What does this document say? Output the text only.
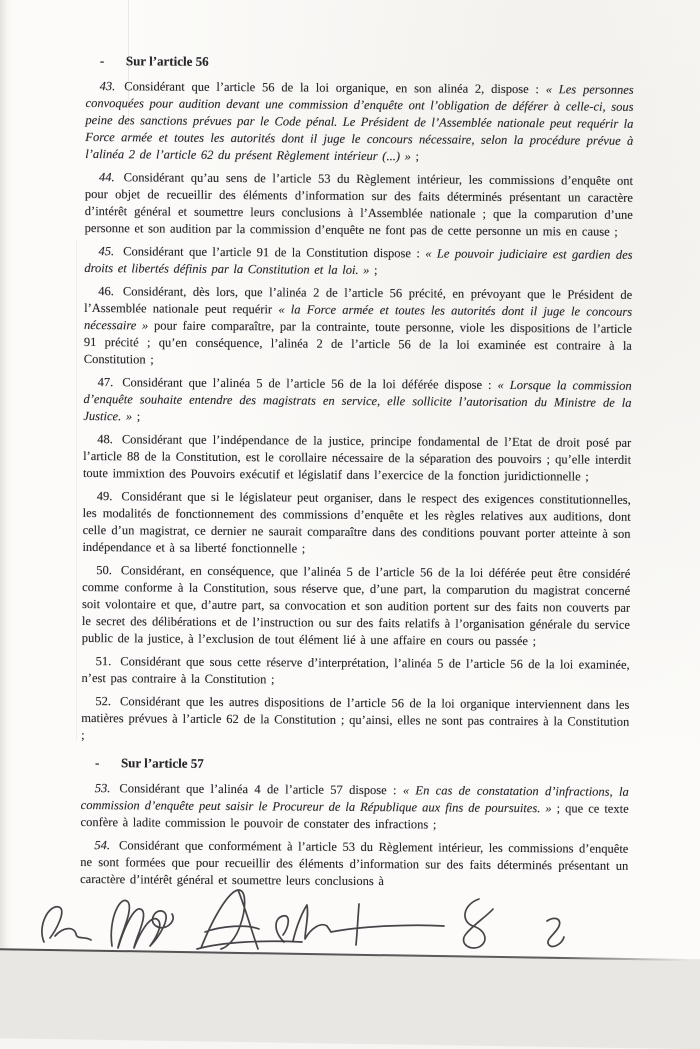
-	Sur l’article 56

43. Considérant que l’article 56 de la loi organique, en son alinéa 2, dispose : « Les personnes convoquées pour audition devant une commission d’enquête ont l’obligation de déférer à celle-ci, sous peine des sanctions prévues par le Code pénal. Le Président de l’Assemblée nationale peut requérir la Force armée et toutes les autorités dont il juge le concours nécessaire, selon la procédure prévue à l’alinéa 2 de l’article 62 du présent Règlement intérieur (...) » ;

44. Considérant qu’au sens de l’article 53 du Règlement intérieur, les commissions d’enquête ont pour objet de recueillir des éléments d’information sur des faits déterminés présentant un caractère d’intérêt général et soumettre leurs conclusions à l’Assemblée nationale ; que la comparution d’une personne et son audition par la commission d’enquête ne font pas de cette personne un mis en cause ;

45. Considérant que l’article 91 de la Constitution dispose : « Le pouvoir judiciaire est gardien des droits et libertés définis par la Constitution et la loi. » ;

46. Considérant, dès lors, que l’alinéa 2 de l’article 56 précité, en prévoyant que le Président de l’Assemblée nationale peut requérir « la Force armée et toutes les autorités dont il juge le concours nécessaire » pour faire comparaître, par la contrainte, toute personne, viole les dispositions de l’article 91 précité ; qu’en conséquence, l’alinéa 2 de l’article 56 de la loi examinée est contraire à la Constitution ;

47. Considérant que l’alinéa 5 de l’article 56 de la loi déférée dispose : « Lorsque la commission d’enquête souhaite entendre des magistrats en service, elle sollicite l’autorisation du Ministre de la Justice. » ;

48. Considérant que l’indépendance de la justice, principe fondamental de l’Etat de droit posé par l’article 88 de la Constitution, est le corollaire nécessaire de la séparation des pouvoirs ; qu’elle interdit toute immixtion des Pouvoirs exécutif et législatif dans l’exercice de la fonction juridictionnelle ;

49. Considérant que si le législateur peut organiser, dans le respect des exigences constitutionnelles, les modalités de fonctionnement des commissions d’enquête et les règles relatives aux auditions, dont celle d’un magistrat, ce dernier ne saurait comparaître dans des conditions pouvant porter atteinte à son indépendance et à sa liberté fonctionnelle ;

50. Considérant, en conséquence, que l’alinéa 5 de l’article 56 de la loi déférée peut être considéré comme conforme à la Constitution, sous réserve que, d’une part, la comparution du magistrat concerné soit volontaire et que, d’autre part, sa convocation et son audition portent sur des faits non couverts par le secret des délibérations et de l’instruction ou sur des faits relatifs à l’organisation générale du service public de la justice, à l’exclusion de tout élément lié à une affaire en cours ou passée ;

51. Considérant que sous cette réserve d’interprétation, l’alinéa 5 de l’article 56 de la loi examinée, n’est pas contraire à la Constitution ;

52. Considérant que les autres dispositions de l’article 56 de la loi organique interviennent dans les matières prévues à l’article 62 de la Constitution ; qu’ainsi, elles ne sont pas contraires à la Constitution ;

-	Sur l’article 57

53. Considérant que l’alinéa 4 de l’article 57 dispose : « En cas de constatation d’infractions, la commission d’enquête peut saisir le Procureur de la République aux fins de poursuites. » ; que ce texte confère à ladite commission le pouvoir de constater des infractions ;

54. Considérant que conformément à l’article 53 du Règlement intérieur, les commissions d’enquête ne sont formées que pour recueillir des éléments d’information sur des faits déterminés présentant un caractère d’intérêt général et soumettre leurs conclusions à
